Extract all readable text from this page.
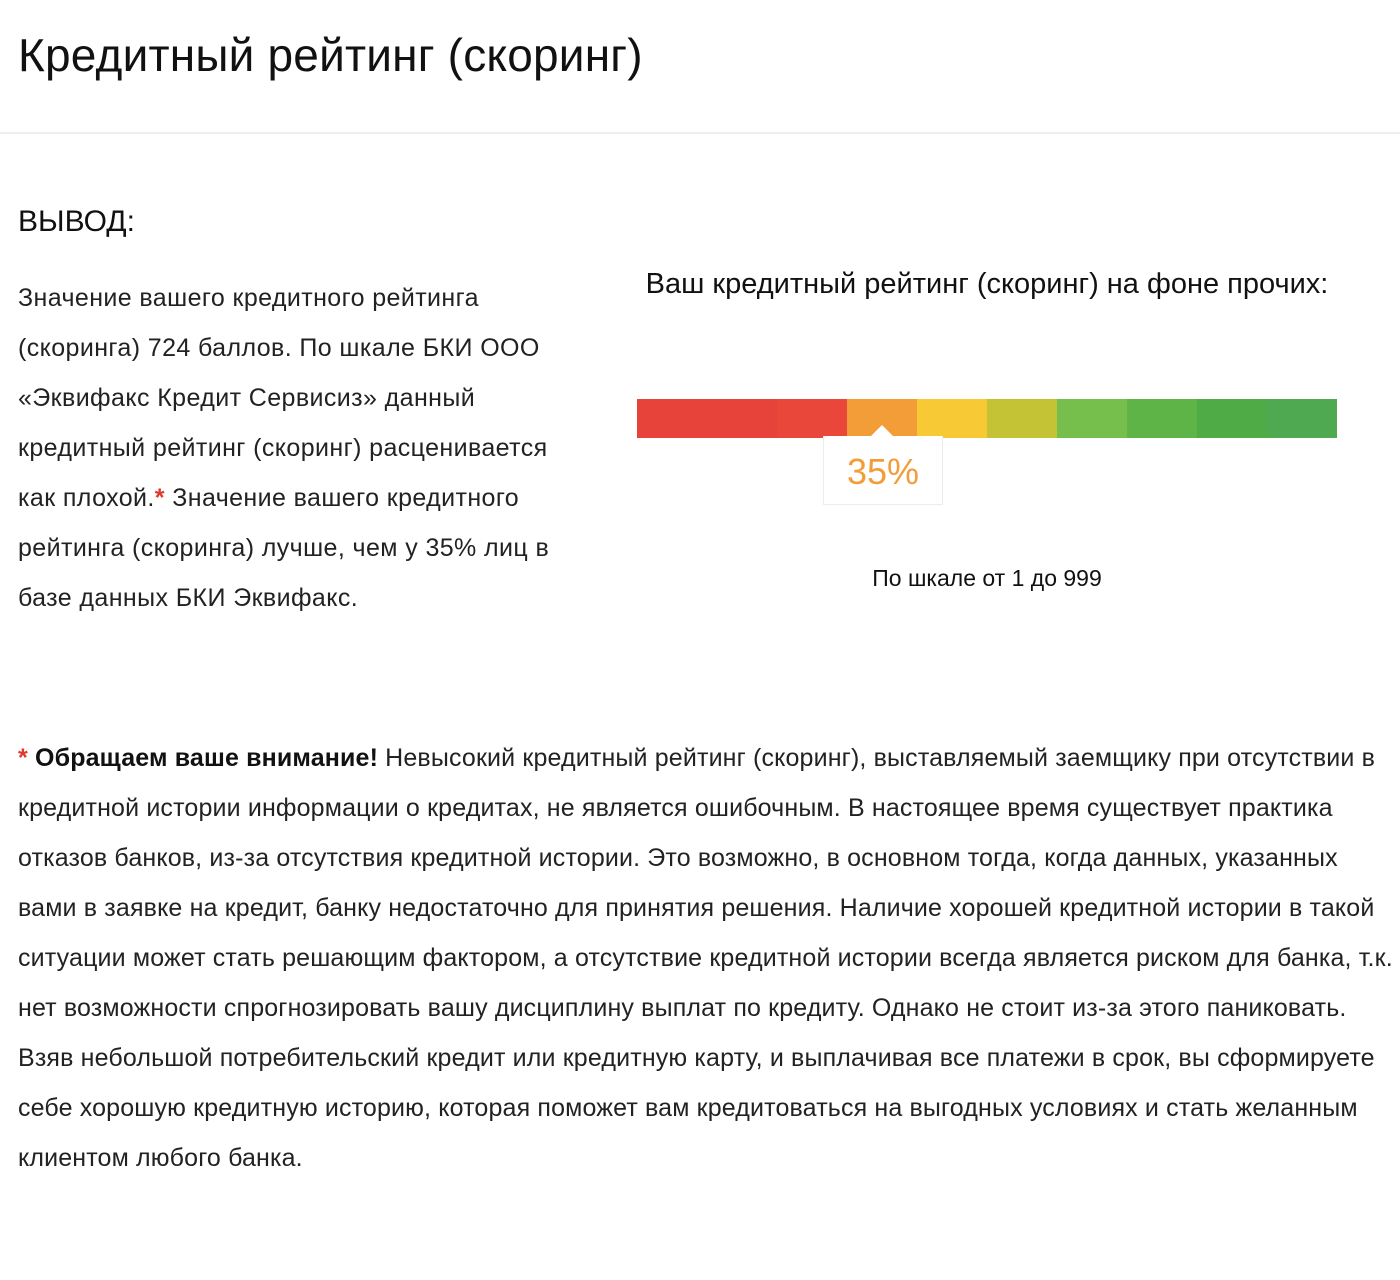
Кредитный рейтинг (скоринг)
ВЫВОД:

Значение вашего кредитного рейтинга (скоринга) 724 баллов. По шкале БКИ ООО «Эквифакс Кредит Сервисиз» данный кредитный рейтинг (скоринг) расценивается как плохой.* Значение вашего кредитного рейтинга (скоринга) лучше, чем у 35% лиц в базе данных БКИ Эквифакс.

Ваш кредитный рейтинг (скоринг) на фоне прочих:

35%
По шкале от 1 до 999

* Обращаем ваше внимание! Невысокий кредитный рейтинг (скоринг), выставляемый заемщику при отсутствии в кредитной истории информации о кредитах, не является ошибочным. В настоящее время существует практика отказов банков, из-за отсутствия кредитной истории. Это возможно, в основном тогда, когда данных, указанных вами в заявке на кредит, банку недостаточно для принятия решения. Наличие хорошей кредитной истории в такой ситуации может стать решающим фактором, а отсутствие кредитной истории всегда является риском для банка, т.к. нет возможности спрогнозировать вашу дисциплину выплат по кредиту. Однако не стоит из-за этого паниковать. Взяв небольшой потребительский кредит или кредитную карту, и выплачивая все платежи в срок, вы сформируете себе хорошую кредитную историю, которая поможет вам кредитоваться на выгодных условиях и стать желанным клиентом любого банка.
